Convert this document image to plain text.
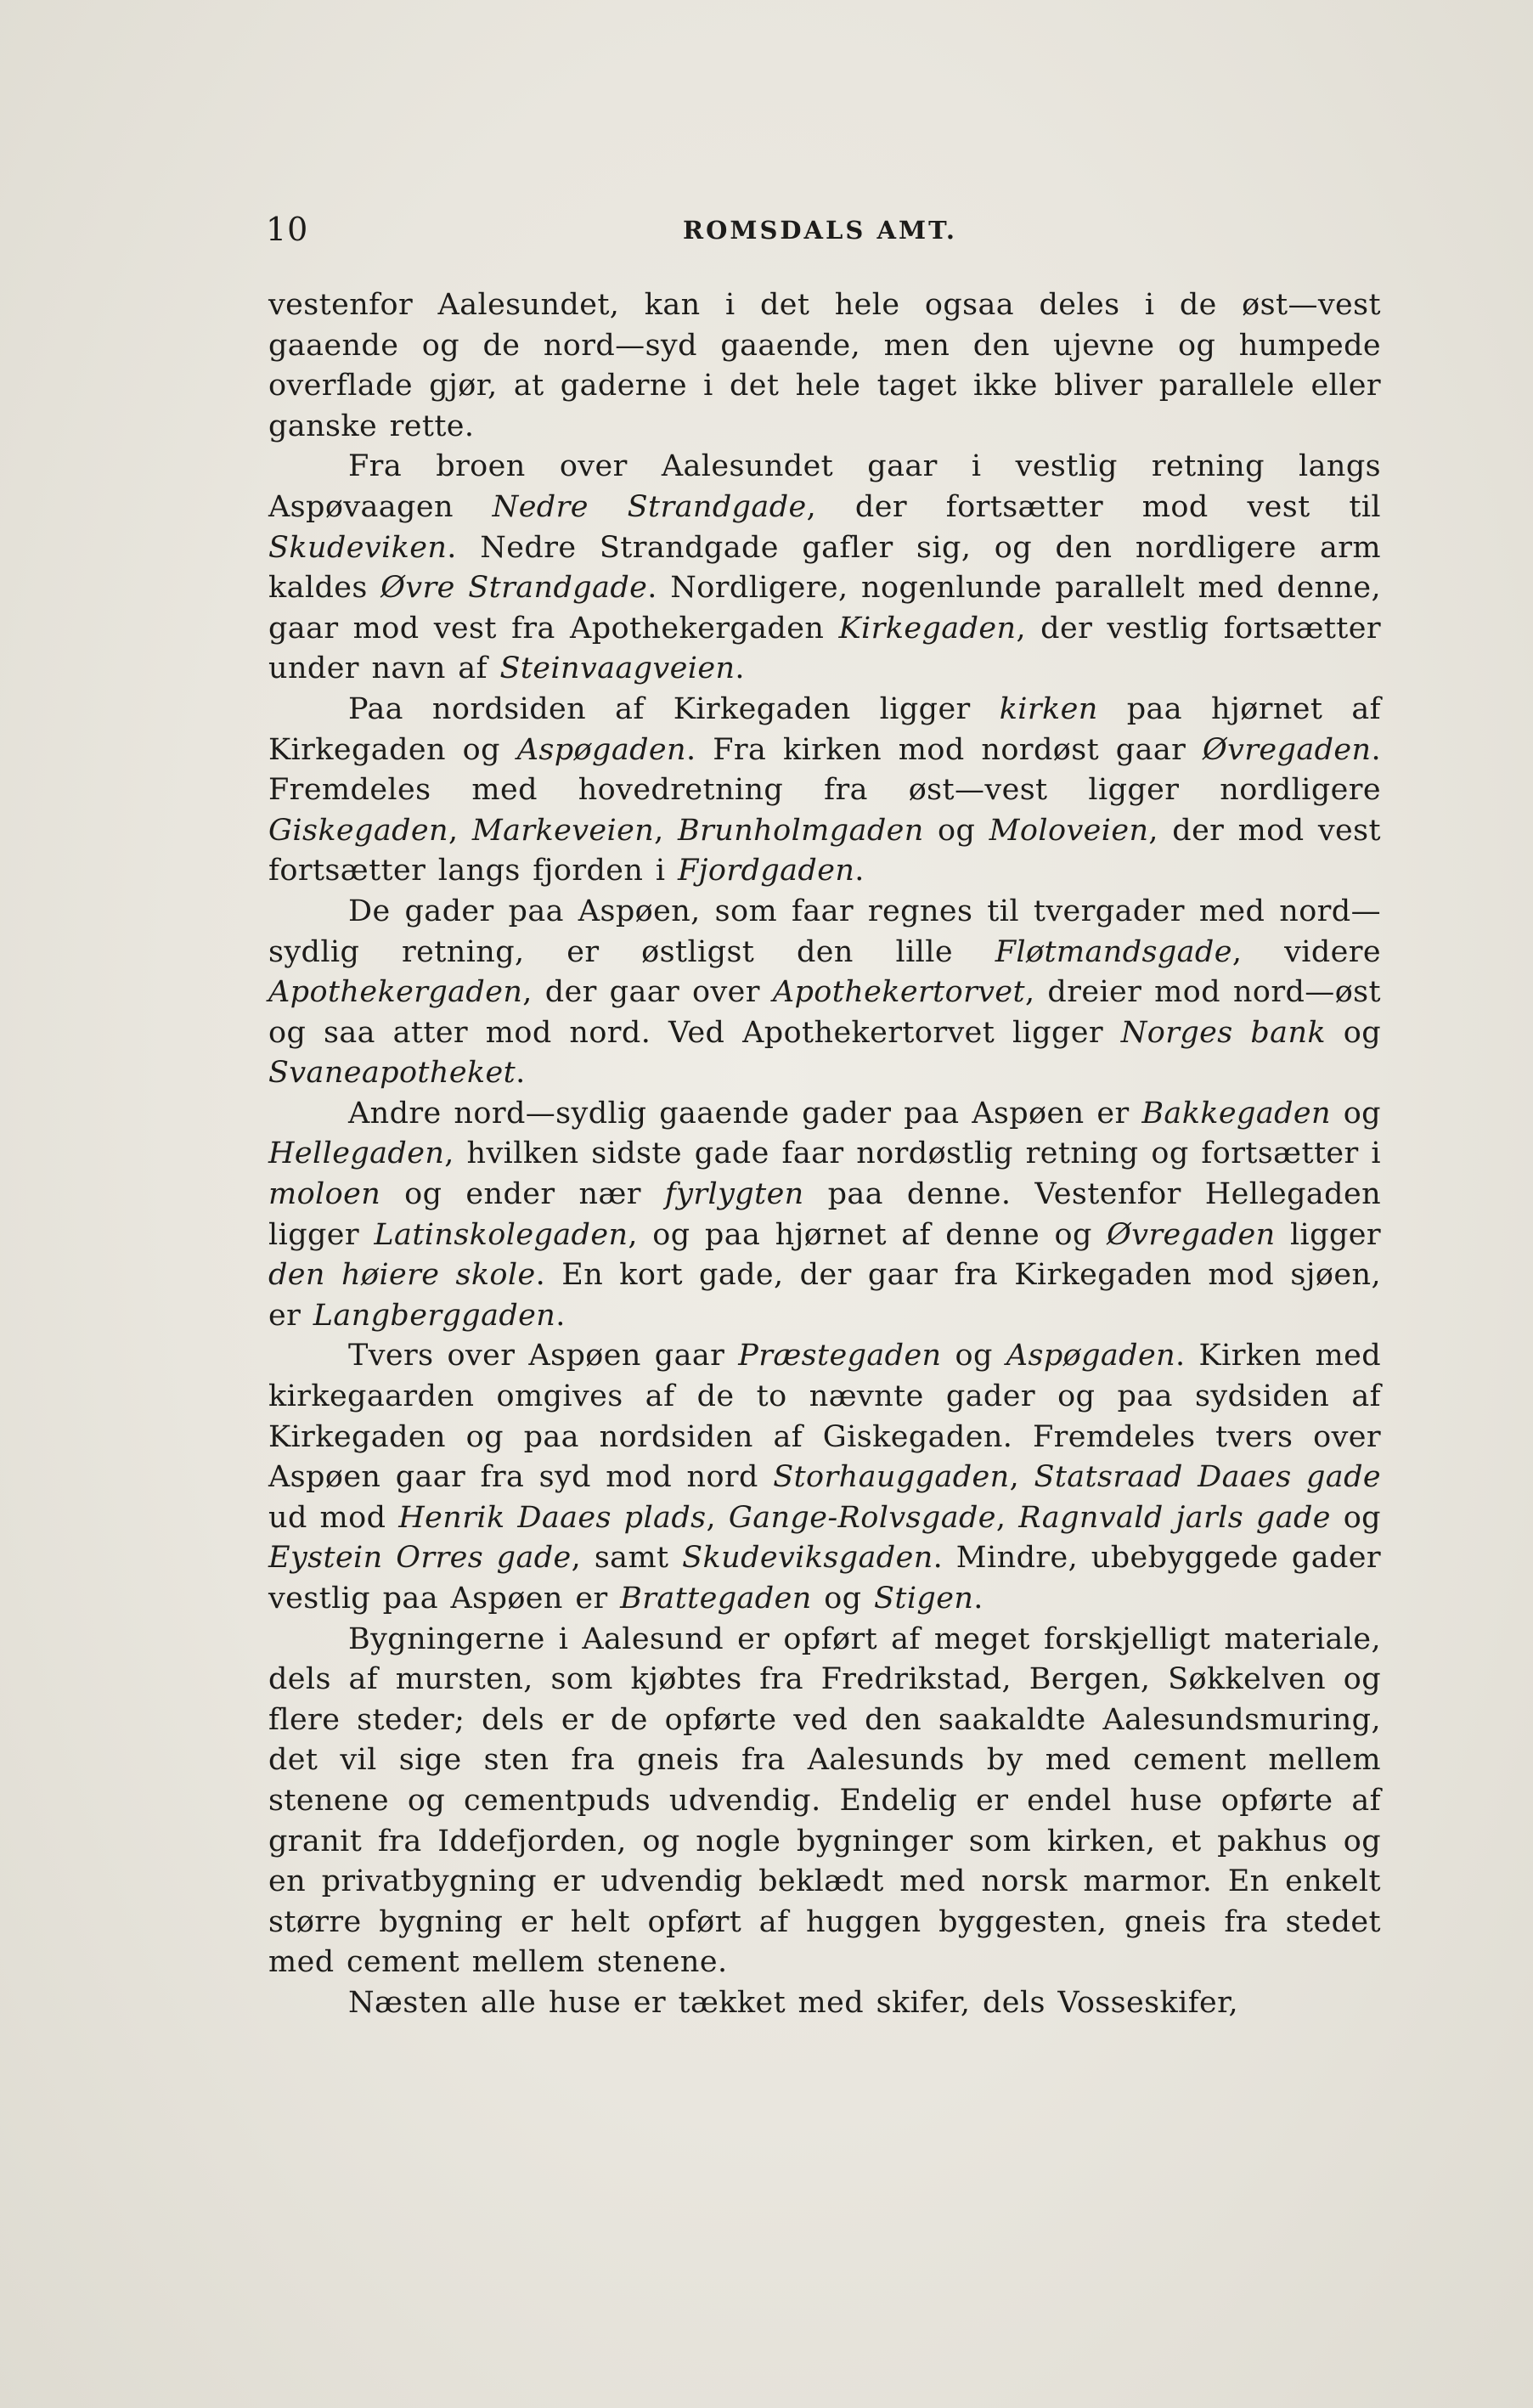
10	ROMSDALS AMT.

vestenfor Aalesundet, kan i det hele ogsaa deles i de øst—vest gaaende og de nord—syd gaaende, men den ujevne og humpede overflade gjør, at gaderne i det hele taget ikke bliver parallele eller ganske rette.

Fra broen over Aalesundet gaar i vestlig retning langs Aspøvaagen Nedre Strandgade, der fortsætter mod vest til Skudeviken. Nedre Strandgade gafler sig, og den nordligere arm kaldes Øvre Strandgade. Nordligere, nogenlunde parallelt med denne, gaar mod vest fra Apothekergaden Kirkegaden, der vestlig fortsætter under navn af Steinvaagveien.

Paa nordsiden af Kirkegaden ligger kirken paa hjørnet af Kirkegaden og Aspøgaden. Fra kirken mod nordøst gaar Øvregaden. Fremdeles med hovedretning fra øst—vest ligger nordligere Giskegaden, Markeveien, Brunholmgaden og Moloveien, der mod vest fortsætter langs fjorden i Fjordgaden.

De gader paa Aspøen, som faar regnes til tvergader med nord—sydlig retning, er østligst den lille Fløtmandsgade, videre Apothekergaden, der gaar over Apothekertorvet, dreier mod nord—øst og saa atter mod nord. Ved Apothekertorvet ligger Norges bank og Svaneapotheket.

Andre nord—sydlig gaaende gader paa Aspøen er Bakkegaden og Hellegaden, hvilken sidste gade faar nordøstlig retning og fortsætter i moloen og ender nær fyrlygten paa denne. Vestenfor Hellegaden ligger Latinskolegaden, og paa hjørnet af denne og Øvregaden ligger den høiere skole. En kort gade, der gaar fra Kirkegaden mod sjøen, er Langberggaden.

Tvers over Aspøen gaar Præstegaden og Aspøgaden. Kirken med kirkegaarden omgives af de to nævnte gader og paa sydsiden af Kirkegaden og paa nordsiden af Giskegaden. Fremdeles tvers over Aspøen gaar fra syd mod nord Storhauggaden, Statsraad Daaes gade ud mod Henrik Daaes plads, Gange-Rolvsgade, Ragnvald jarls gade og Eystein Orres gade, samt Skudeviksgaden. Mindre, ubebyggede gader vestlig paa Aspøen er Brattegaden og Stigen.

Bygningerne i Aalesund er opført af meget forskjelligt materiale, dels af mursten, som kjøbtes fra Fredrikstad, Bergen, Søkkelven og flere steder; dels er de opførte ved den saakaldte Aalesundsmuring, det vil sige sten fra gneis fra Aalesunds by med cement mellem stenene og cementpuds udvendig. Endelig er endel huse opførte af granit fra Iddefjorden, og nogle bygninger som kirken, et pakhus og en privatbygning er udvendig beklædt med norsk marmor. En enkelt større bygning er helt opført af huggen byggesten, gneis fra stedet med cement mellem stenene.

Næsten alle huse er tækket med skifer, dels Vosseskifer,
